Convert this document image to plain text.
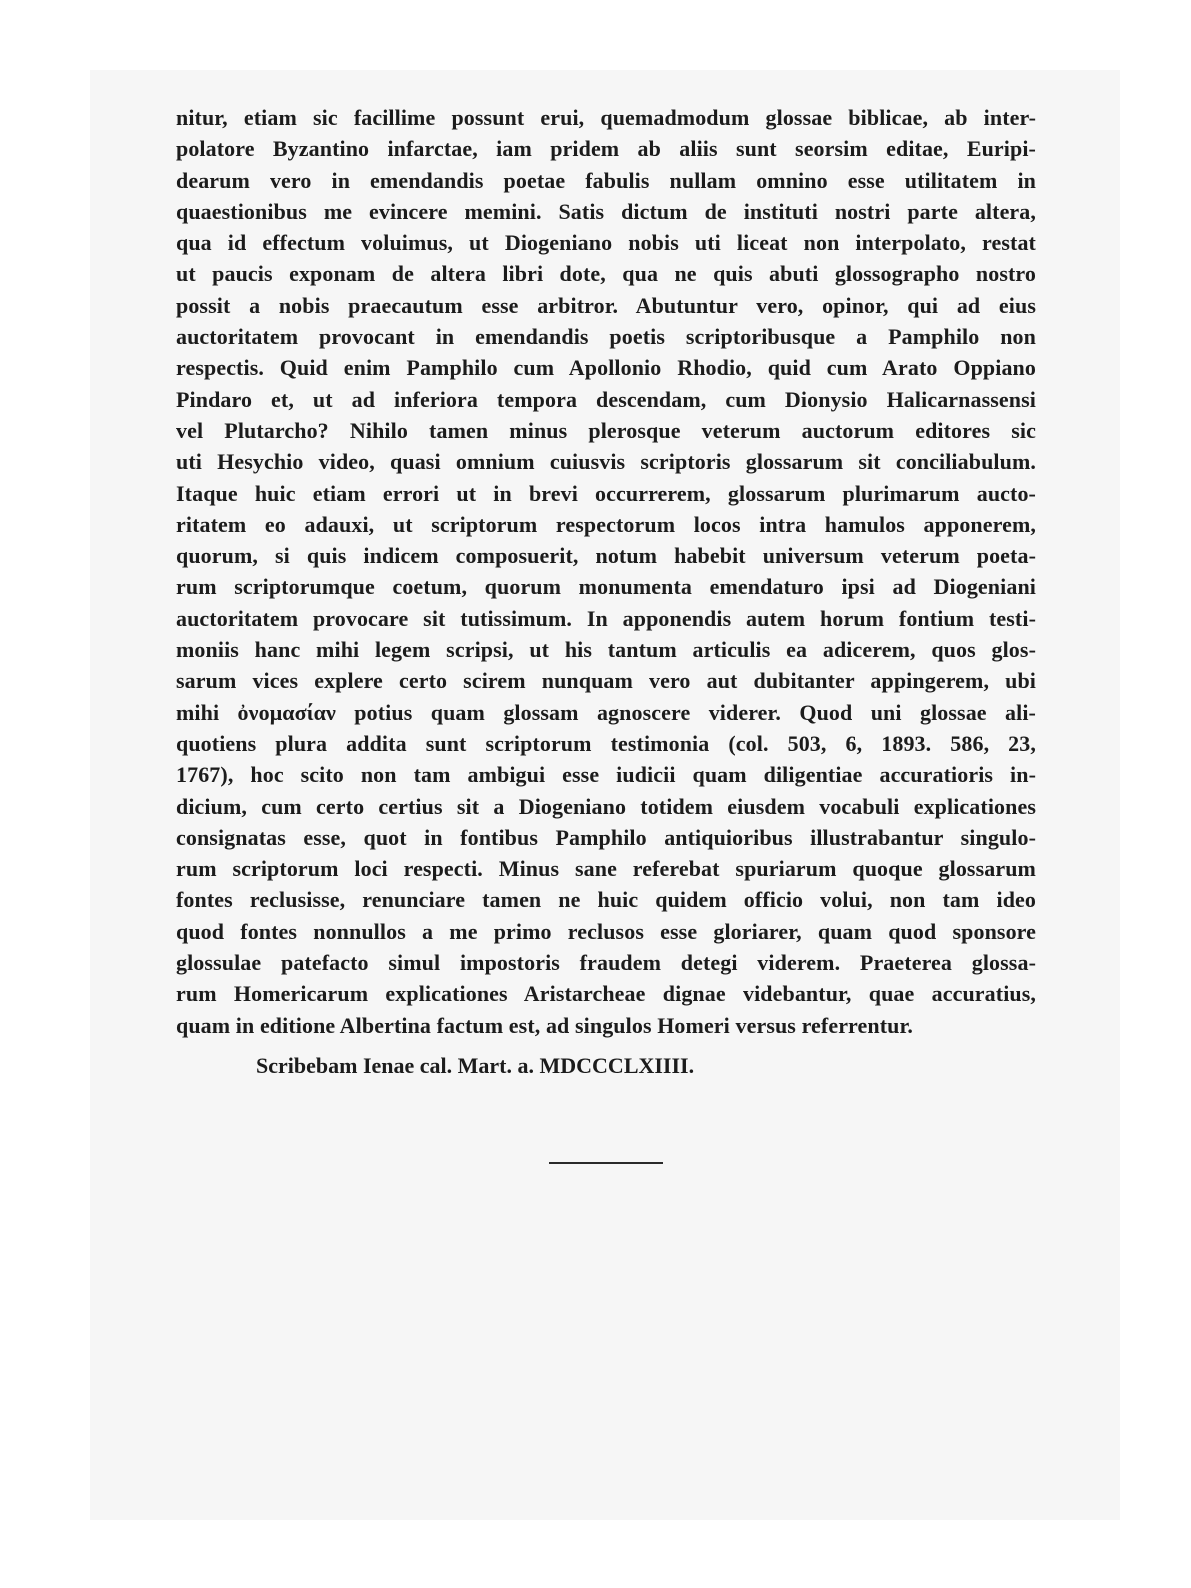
nitur, etiam sic facillime possunt erui, quemadmodum glossae biblicae, ab inter-
polatore Byzantino infarctae, iam pridem ab aliis sunt seorsim editae, Euripi-
dearum vero in emendandis poetae fabulis nullam omnino esse utilitatem in
quaestionibus me evincere memini. Satis dictum de instituti nostri parte altera,
qua id effectum voluimus, ut Diogeniano nobis uti liceat non interpolato, restat
ut paucis exponam de altera libri dote, qua ne quis abuti glossographo nostro
possit a nobis praecautum esse arbitror. Abutuntur vero, opinor, qui ad eius
auctoritatem provocant in emendandis poetis scriptoribusque a Pamphilo non
respectis. Quid enim Pamphilo cum Apollonio Rhodio, quid cum Arato Oppiano
Pindaro et, ut ad inferiora tempora descendam, cum Dionysio Halicarnassensi
vel Plutarcho? Nihilo tamen minus plerosque veterum auctorum editores sic
uti Hesychio video, quasi omnium cuiusvis scriptoris glossarum sit conciliabulum.
Itaque huic etiam errori ut in brevi occurrerem, glossarum plurimarum aucto-
ritatem eo adauxi, ut scriptorum respectorum locos intra hamulos apponerem,
quorum, si quis indicem composuerit, notum habebit universum veterum poeta-
rum scriptorumque coetum, quorum monumenta emendaturo ipsi ad Diogeniani
auctoritatem provocare sit tutissimum. In apponendis autem horum fontium testi-
moniis hanc mihi legem scripsi, ut his tantum articulis ea adicerem, quos glos-
sarum vices explere certo scirem nunquam vero aut dubitanter appingerem, ubi
mihi ὀνομασίαν potius quam glossam agnoscere viderer. Quod uni glossae ali-
quotiens plura addita sunt scriptorum testimonia (col. 503, 6, 1893. 586, 23,
1767), hoc scito non tam ambigui esse iudicii quam diligentiae accuratioris in-
dicium, cum certo certius sit a Diogeniano totidem eiusdem vocabuli explicationes
consignatas esse, quot in fontibus Pamphilo antiquioribus illustrabantur singulo-
rum scriptorum loci respecti. Minus sane referebat spuriarum quoque glossarum
fontes reclusisse, renunciare tamen ne huic quidem officio volui, non tam ideo
quod fontes nonnullos a me primo reclusos esse gloriarer, quam quod sponsore
glossulae patefacto simul impostoris fraudem detegi viderem. Praeterea glossa-
rum Homericarum explicationes Aristarcheae dignae videbantur, quae accuratius,
quam in editione Albertina factum est, ad singulos Homeri versus referrentur.
Scribebam Ienae cal. Mart. a. MDCCCLXIIII.
